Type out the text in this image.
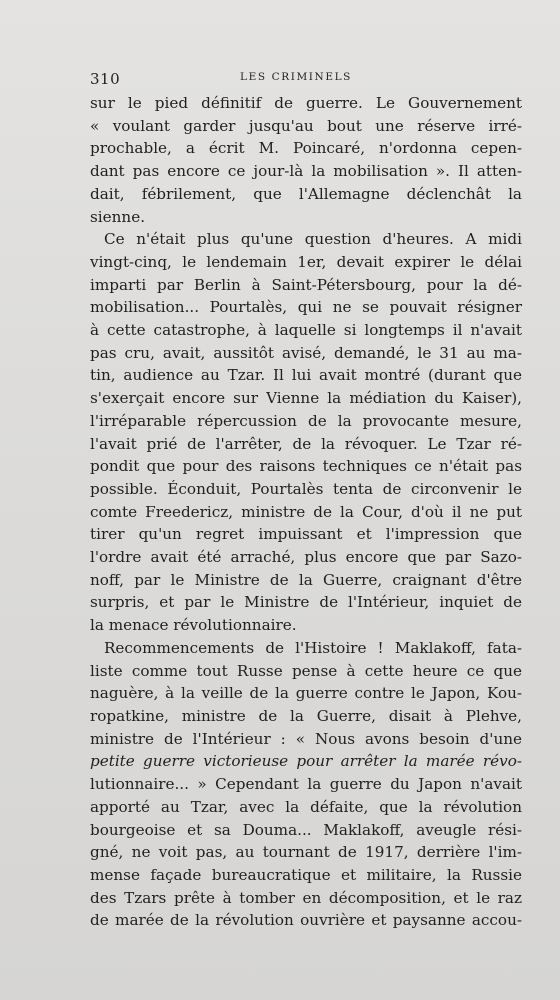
310	LES CRIMINELS
sur le pied définitif de guerre. Le Gouvernement
« voulant garder jusqu'au bout une réserve irré-
prochable, a écrit M. Poincaré, n'ordonna cepen-
dant pas encore ce jour-là la mobilisation ». Il atten-
dait, fébrilement, que l'Allemagne déclenchât la
sienne.
Ce n'était plus qu'une question d'heures. A midi
vingt-cinq, le lendemain 1er, devait expirer le délai
imparti par Berlin à Saint-Pétersbourg, pour la dé-
mobilisation... Pourtalès, qui ne se pouvait résigner
à cette catastrophe, à laquelle si longtemps il n'avait
pas cru, avait, aussitôt avisé, demandé, le 31 au ma-
tin, audience au Tzar. Il lui avait montré (durant que
s'exerçait encore sur Vienne la médiation du Kaiser),
l'irréparable répercussion de la provocante mesure,
l'avait prié de l'arrêter, de la révoquer. Le Tzar ré-
pondit que pour des raisons techniques ce n'était pas
possible. Éconduit, Pourtalès tenta de circonvenir le
comte Freedericz, ministre de la Cour, d'où il ne put
tirer qu'un regret impuissant et l'impression que
l'ordre avait été arraché, plus encore que par Sazo-
noff, par le Ministre de la Guerre, craignant d'être
surpris, et par le Ministre de l'Intérieur, inquiet de
la menace révolutionnaire.
Recommencements de l'Histoire ! Maklakoff, fata-
liste comme tout Russe pense à cette heure ce que
naguère, à la veille de la guerre contre le Japon, Kou-
ropatkine, ministre de la Guerre, disait à Plehve,
ministre de l'Intérieur : « Nous avons besoin d'une
petite guerre victorieuse pour arrêter la marée révo-
lutionnaire... » Cependant la guerre du Japon n'avait
apporté au Tzar, avec la défaite, que la révolution
bourgeoise et sa Douma... Maklakoff, aveugle rési-
gné, ne voit pas, au tournant de 1917, derrière l'im-
mense façade bureaucratique et militaire, la Russie
des Tzars prête à tomber en décomposition, et le raz
de marée de la révolution ouvrière et paysanne accou-
